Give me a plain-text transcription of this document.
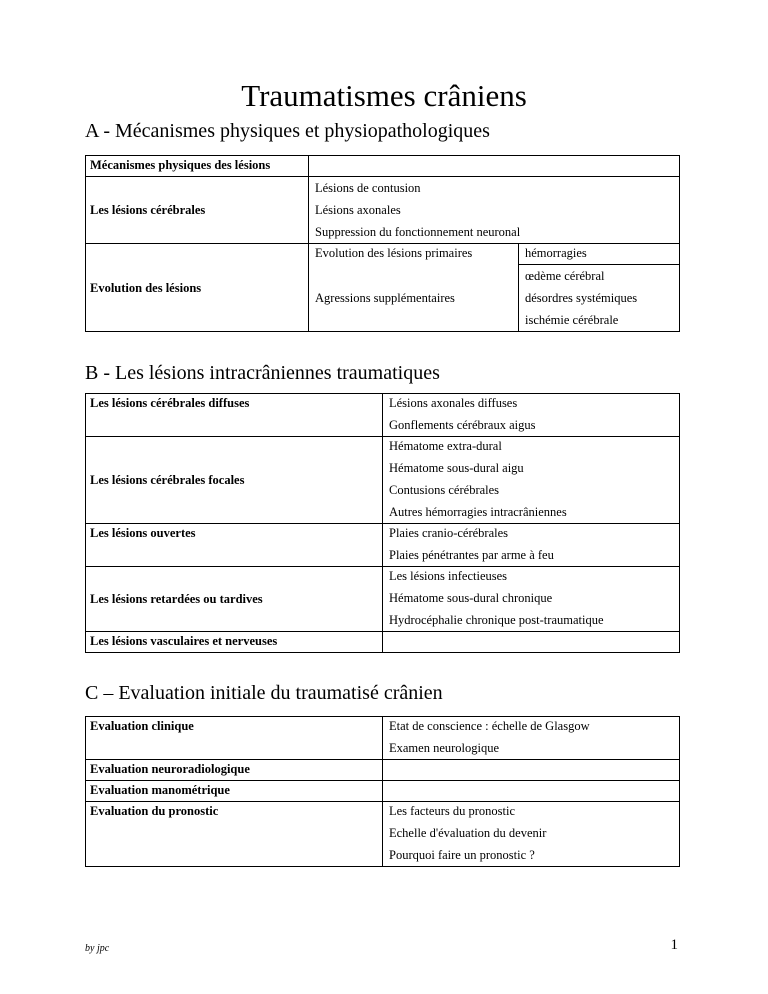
Traumatismes crâniens
A - Mécanismes physiques et physiopathologiques
Mécanismes physiques des lésions		

Les lésions cérébrales	Lésions de contusion
Lésions axonales
Suppression du fonctionnement neuronal	

Evolution des lésions	Evolution des lésions primaires	hémorragies

	Agressions supplémentaires	œdème cérébral
désordres systémiques
ischémie cérébrale
B - Les lésions intracrâniennes traumatiques
Les lésions cérébrales diffuses	Lésions axonales diffuses
Gonflements cérébraux aigus

Les lésions cérébrales focales	Hématome extra-dural
Hématome sous-dural aigu
Contusions cérébrales
Autres hémorragies intracrâniennes

Les lésions ouvertes	Plaies cranio-cérébrales
Plaies pénétrantes par arme à feu

Les lésions retardées ou tardives	Les lésions infectieuses
Hématome sous-dural chronique
Hydrocéphalie chronique post-traumatique

Les lésions vasculaires et nerveuses	

C – Evaluation initiale du traumatisé crânien
Evaluation clinique	Etat de conscience : échelle de Glasgow
Examen neurologique

Evaluation neuroradiologique	

Evaluation manométrique	

Evaluation du pronostic	Les facteurs du pronostic
Echelle d'évaluation du devenir
Pourquoi faire un pronostic ?
by jpc	1
